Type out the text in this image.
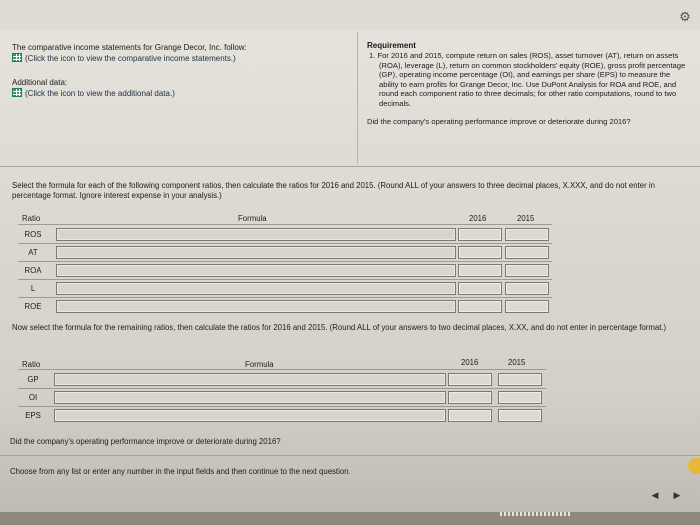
⚙
The comparative income statements for Grange Decor, Inc. follow:
(Click the icon to view the comparative income statements.)
Additional data:
(Click the icon to view the additional data.)
Requirement
1. For 2016 and 2015, compute return on sales (ROS), asset turnover (AT), return on assets (ROA), leverage (L), return on common stockholders' equity (ROE), gross profit percentage (GP), operating income percentage (OI), and earnings per share (EPS) to measure the ability to earn profits for Grange Decor, Inc. Use DuPont Analysis for ROA and ROE, and round each component ratio to three decimals; for other ratio computations, round to two decimals.
Did the company's operating performance improve or deteriorate during 2016?
Select the formula for each of the following component ratios, then calculate the ratios for 2016 and 2015. (Round ALL of your answers to three decimal places, X.XXX, and do not enter in percentage format. Ignore interest expense in your analysis.)
Ratio	Formula	2016	2015
ROS
AT
ROA
L
ROE
Now select the formula for the remaining ratios, then calculate the ratios for 2016 and 2015. (Round ALL of your answers to two decimal places, X.XX, and do not enter in percentage format.)
Ratio	Formula	2016	2015
GP
OI
EPS
Did the company's operating performance improve or deteriorate during 2016?
Choose from any list or enter any number in the input fields and then continue to the next question.
◀	▶
